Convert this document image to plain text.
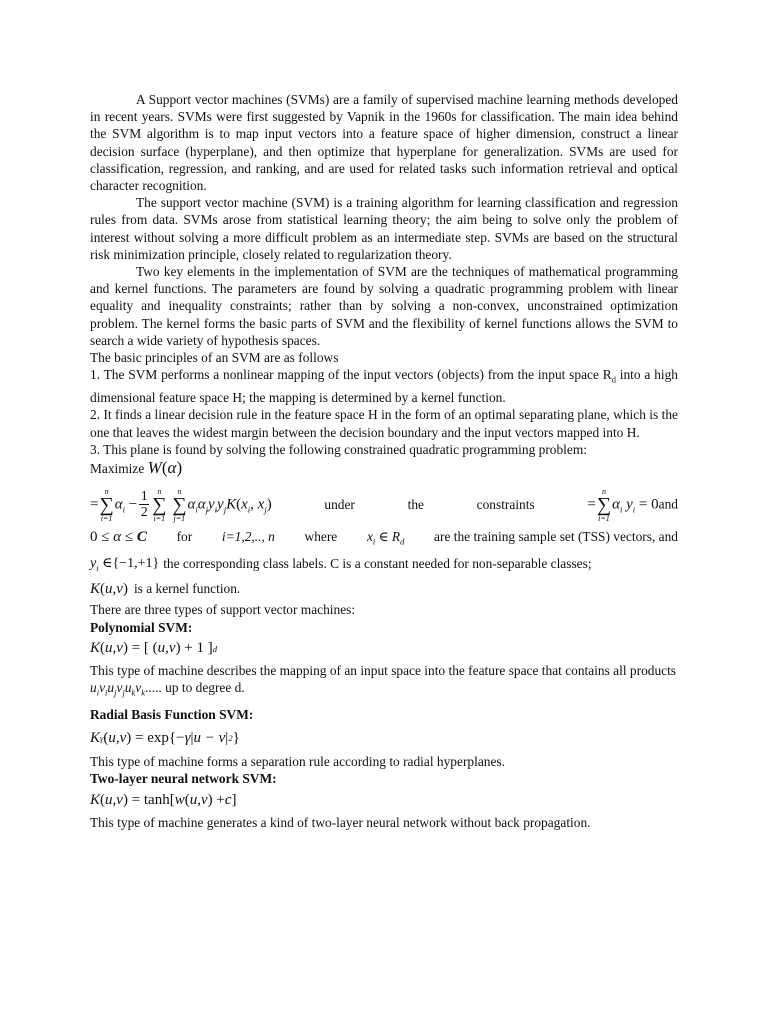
A Support vector machines (SVMs) are a family of supervised machine learning methods developed in recent years. SVMs were first suggested by Vapnik in the 1960s for classification. The main idea behind the SVM algorithm is to map input vectors into a feature space of higher dimension, construct a linear decision surface (hyperplane), and then optimize that hyperplane for generalization. SVMs are used for classification, regression, and ranking, and are used for related tasks such information retrieval and optical character recognition.

The support vector machine (SVM) is a training algorithm for learning classification and regression rules from data. SVMs arose from statistical learning theory; the aim being to solve only the problem of interest without solving a more difficult problem as an intermediate step. SVMs are based on the structural risk minimization principle, closely related to regularization theory.

Two key elements in the implementation of SVM are the techniques of mathematical programming and kernel functions. The parameters are found by solving a quadratic programming problem with linear equality and inequality constraints; rather than by solving a non-convex, unconstrained optimization problem. The kernel forms the basic parts of SVM and the flexibility of kernel functions allows the SVM to search a wide variety of hypothesis spaces.

The basic principles of an SVM are as follows

1. The SVM performs a nonlinear mapping of the input vectors (objects) from the input space $R_d$ into a high dimensional feature space H; the mapping is determined by a kernel function.

2. It finds a linear decision rule in the feature space H in the form of an optimal separating plane, which is the one that leaves the widest margin between the decision boundary and the input vectors mapped into H.

3. This plane is found by solving the following constrained quadratic programming problem:

Maximize W(α)

=
n
∑
i=1
$\alpha_i - \frac{1}{2}$ n
∑
i=1

n
∑
j=1
$\alpha_i\alpha_jy_iy_jK(x_i$, $x_j$)	under	the	constraints	=
n
∑
i=1
$\alpha_i$ $y_i = 0and$
0 ≤ α ≤ C for i=1,2,.., n where $x_i$ ∈ $R_d$ are the training sample set (TSS) vectors, and
$y_i$ ∈{−1,+1} the corresponding class labels. C is a constant needed for non-separable classes;
K(u,v) is a kernel function.

There are three types of support vector machines:

Polynomial SVM:

K ( u,v ) = [ ( u,v ) + 1 ] d

This type of machine describes the mapping of an input space into the feature space that contains all products

$u_iv_iu_jv_ju_kv_k$..... up to degree d.

Radial Basis Function SVM:

K γ ( u,v ) = exp{− γ | u − v | 2 }

This type of machine forms a separation rule according to radial hyperplanes.

Two-layer neural network SVM:

K ( u,v ) = tanh[ w ( u,v ) + c ]

This type of machine generates a kind of two-layer neural network without back propagation.
